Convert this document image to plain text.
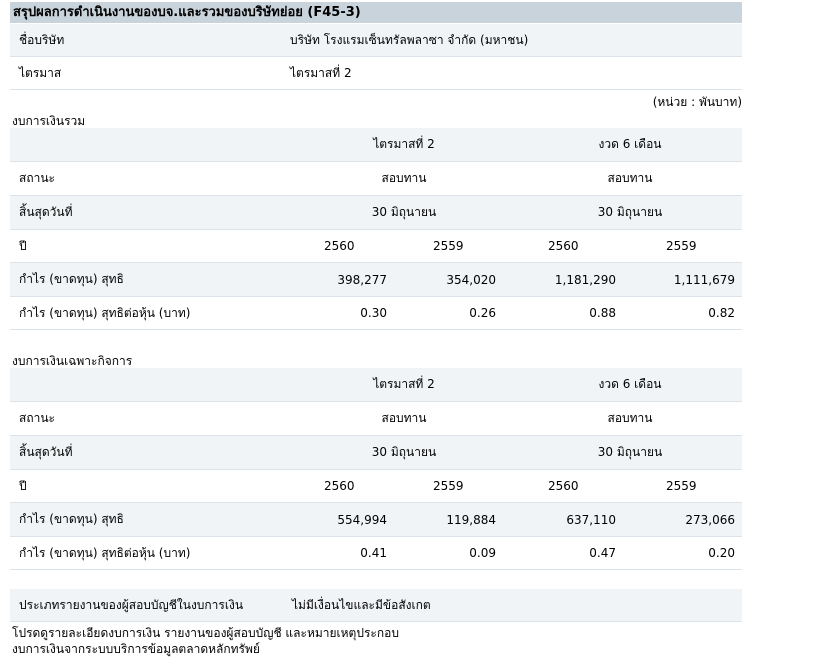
สรุปผลการดำเนินงานของบจ.และรวมของบริษัทย่อย (F45-3)
ชื่อบริษัท	บริษัท โรงแรมเซ็นทรัลพลาซา จำกัด (มหาชน)
ไตรมาส	ไตรมาสที่ 2
(หน่วย : พันบาท)
งบการเงินรวม
ไตรมาสที่ 2	งวด 6 เดือน
สถานะ	สอบทาน	สอบทาน
สิ้นสุดวันที่	30 มิถุนายน	30 มิถุนายน
ปี	2560	2559	2560	2559
กำไร (ขาดทุน) สุทธิ	398,277	354,020	1,181,290	1,111,679
กำไร (ขาดทุน) สุทธิต่อหุ้น (บาท)	0.30	0.26	0.88	0.82
งบการเงินเฉพาะกิจการ
ไตรมาสที่ 2	งวด 6 เดือน
สถานะ	สอบทาน	สอบทาน
สิ้นสุดวันที่	30 มิถุนายน	30 มิถุนายน
ปี	2560	2559	2560	2559
กำไร (ขาดทุน) สุทธิ	554,994	119,884	637,110	273,066
กำไร (ขาดทุน) สุทธิต่อหุ้น (บาท)	0.41	0.09	0.47	0.20
ประเภทรายงานของผู้สอบบัญชีในงบการเงิน	ไม่มีเงื่อนไขและมีข้อสังเกต
โปรดดูรายละเอียดงบการเงิน รายงานของผู้สอบบัญชี และหมายเหตุประกอบ
งบการเงินจากระบบบริการข้อมูลตลาดหลักทรัพย์
